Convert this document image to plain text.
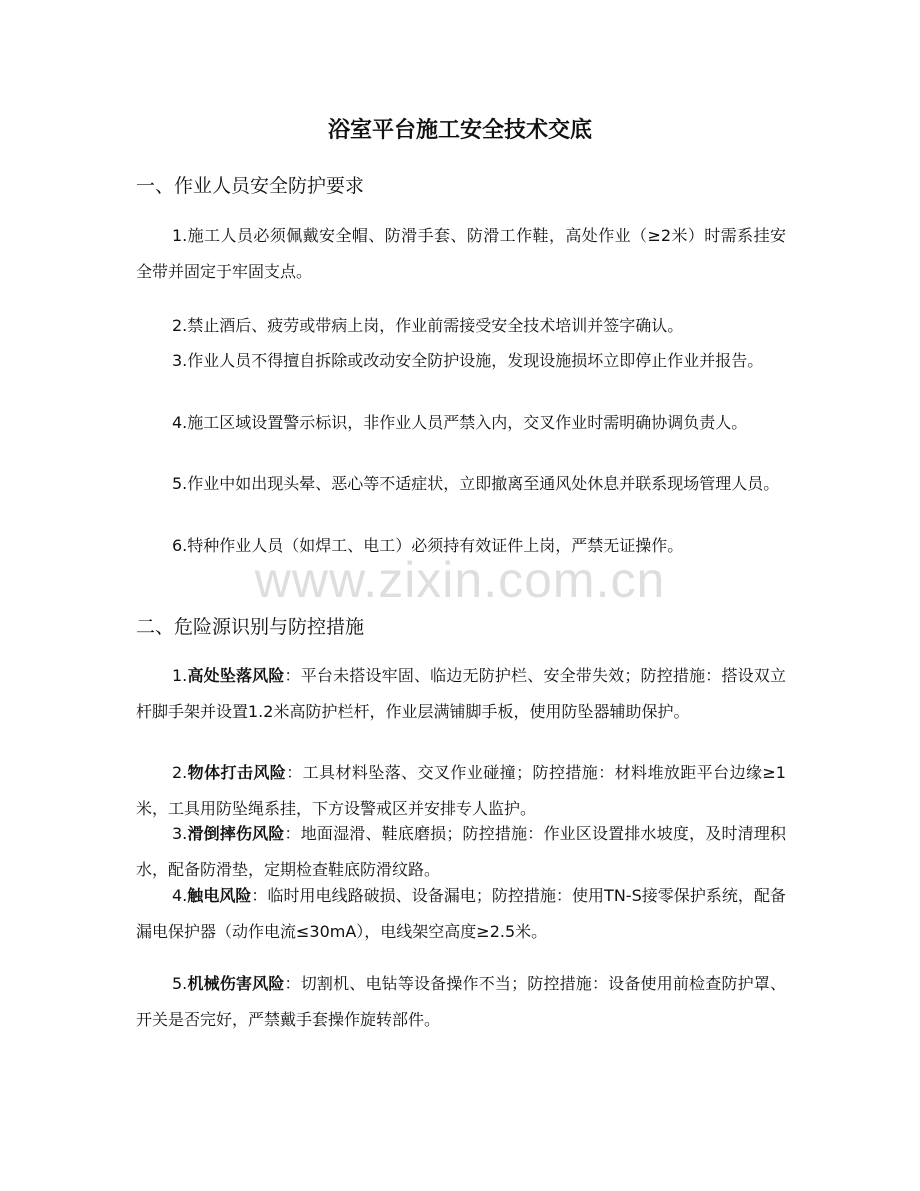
浴室平台施工安全技术交底
一、作业人员安全防护要求

1.施工人员必须佩戴安全帽、防滑手套、防滑工作鞋，高处作业（≥2米）时需系挂安全带并固定于牢固支点。

2.禁止酒后、疲劳或带病上岗，作业前需接受安全技术培训并签字确认。

3.作业人员不得擅自拆除或改动安全防护设施，发现设施损坏立即停止作业并报告。

4.施工区域设置警示标识，非作业人员严禁入内，交叉作业时需明确协调负责人。

5.作业中如出现头晕、恶心等不适症状，立即撤离至通风处休息并联系现场管理人员。

6.特种作业人员（如焊工、电工）必须持有效证件上岗，严禁无证操作。

www.zixin.com.cn
二、危险源识别与防控措施

1.高处坠落风险：平台未搭设牢固、临边无防护栏、安全带失效；防控措施：搭设双立杆脚手架并设置1.2米高防护栏杆，作业层满铺脚手板，使用防坠器辅助保护。

2.物体打击风险：工具材料坠落、交叉作业碰撞；防控措施：材料堆放距平台边缘≥1米，工具用防坠绳系挂，下方设警戒区并安排专人监护。

3.滑倒摔伤风险：地面湿滑、鞋底磨损；防控措施：作业区设置排水坡度，及时清理积水，配备防滑垫，定期检查鞋底防滑纹路。

4.触电风险：临时用电线路破损、设备漏电；防控措施：使用TN-S接零保护系统，配备漏电保护器（动作电流≤30mA），电线架空高度≥2.5米。

5.机械伤害风险：切割机、电钻等设备操作不当；防控措施：设备使用前检查防护罩、开关是否完好，严禁戴手套操作旋转部件。
